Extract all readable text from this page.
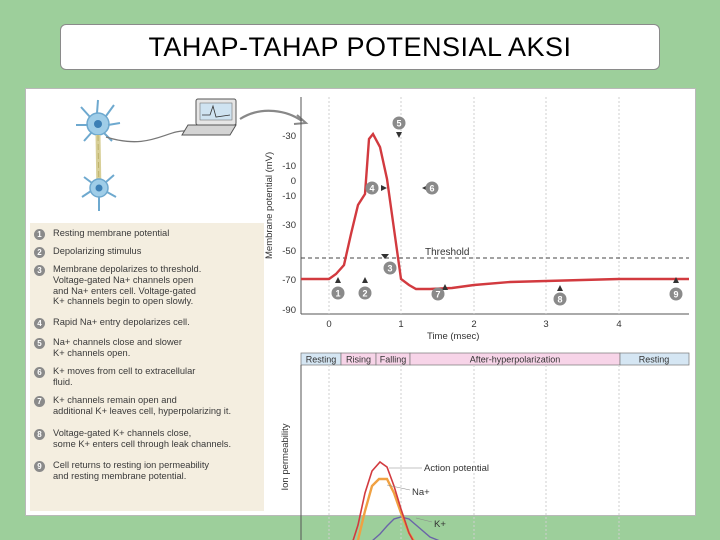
TAHAP-TAHAP POTENSIAL AKSI
1	Resting membrane potential
2	Depolarizing stimulus
3	Membrane depolarizes to threshold.
Voltage-gated Na+ channels open
and Na+ enters cell. Voltage-gated
K+ channels begin to open slowly.
4	Rapid Na+ entry depolarizes cell.
5	Na+ channels close and slower
K+ channels open.
6	K+ moves from cell to extracellular
fluid.
7	K+ channels remain open and
additional K+ leaves cell, hyperpolarizing it.
8	Voltage-gated K+ channels close,
some K+ enters cell through leak channels.
9	Cell returns to resting ion permeability
and resting membrane potential.
Threshold
Membrane potential (mV)
-30
-10
0
-10
-30
-50
-70
-90
0	1	2	3	4
Time (msec)
1 2
3
4
5
6
7	8	9
Resting Rising Falling	After-hyperpolarization	Resting
Ion permeability	Action potential
Na+
K+
